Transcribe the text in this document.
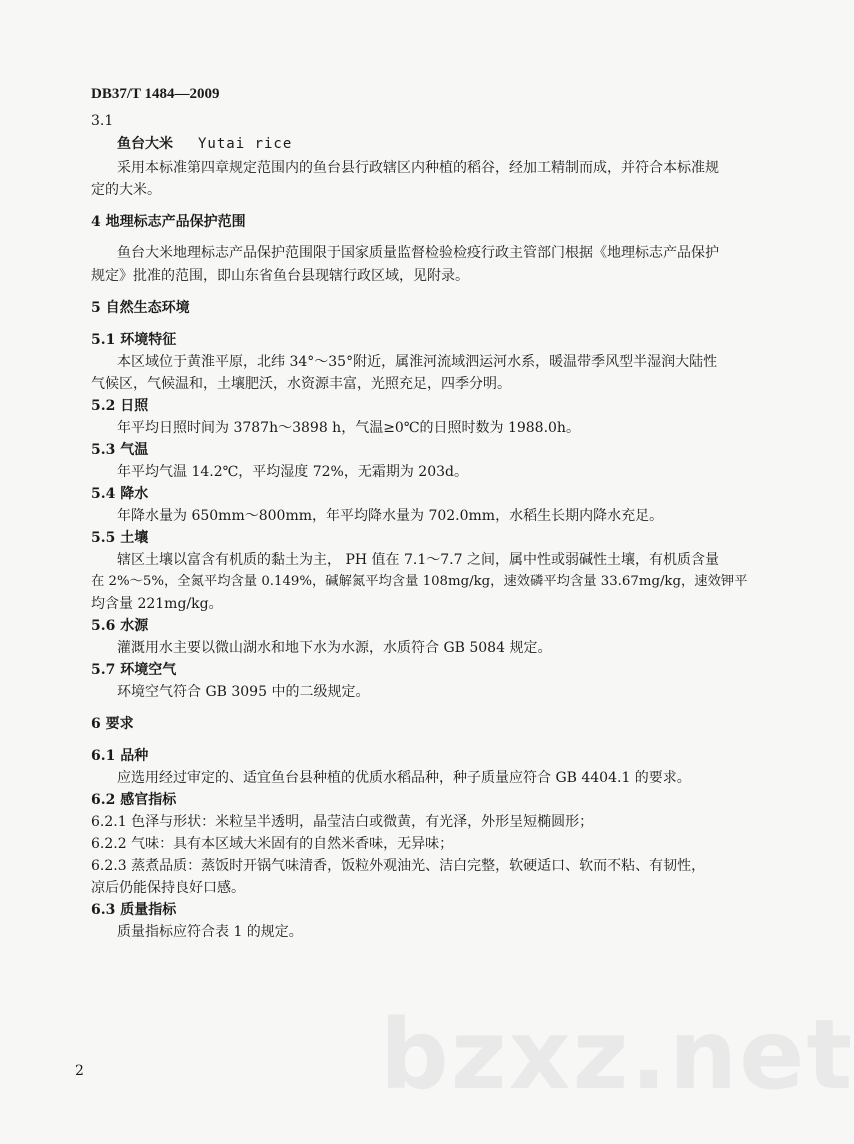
DB37/T 1484—2009
3.1
鱼台大米 Yutai rice
采用本标准第四章规定范围内的鱼台县行政辖区内种植的稻谷，经加工精制而成，并符合本标准规
定的大米。
4 地理标志产品保护范围
鱼台大米地理标志产品保护范围限于国家质量监督检验检疫行政主管部门根据《地理标志产品保护
规定》批准的范围，即山东省鱼台县现辖行政区域，见附录。
5 自然生态环境
5.1 环境特征
本区域位于黄淮平原，北纬 34°～35°附近，属淮河流域泗运河水系，暖温带季风型半湿润大陆性
气候区，气候温和，土壤肥沃，水资源丰富，光照充足，四季分明。
5.2 日照
年平均日照时间为 3787h～3898 h，气温≥0℃的日照时数为 1988.0h。
5.3 气温
年平均气温 14.2℃，平均湿度 72%，无霜期为 203d。
5.4 降水
年降水量为 650mm～800mm，年平均降水量为 702.0mm，水稻生长期内降水充足。
5.5 土壤
辖区土壤以富含有机质的黏土为主， PH 值在 7.1～7.7 之间，属中性或弱碱性土壤，有机质含量
在 2%～5%，全氮平均含量 0.149%，碱解氮平均含量 108mg/kg，速效磷平均含量 33.67mg/kg，速效钾平
均含量 221mg/kg。
5.6 水源
灌溉用水主要以微山湖水和地下水为水源，水质符合 GB 5084 规定。
5.7 环境空气
环境空气符合 GB 3095 中的二级规定。
6 要求
6.1 品种
应选用经过审定的、适宜鱼台县种植的优质水稻品种，种子质量应符合 GB 4404.1 的要求。
6.2 感官指标
6.2.1 色泽与形状：米粒呈半透明，晶莹洁白或微黄，有光泽，外形呈短椭圆形；
6.2.2 气味：具有本区域大米固有的自然米香味，无异味；
6.2.3 蒸煮品质：蒸饭时开锅气味清香，饭粒外观油光、洁白完整，软硬适口、软而不粘、有韧性，
凉后仍能保持良好口感。
6.3 质量指标
质量指标应符合表 1 的规定。
bzxz.net
2
